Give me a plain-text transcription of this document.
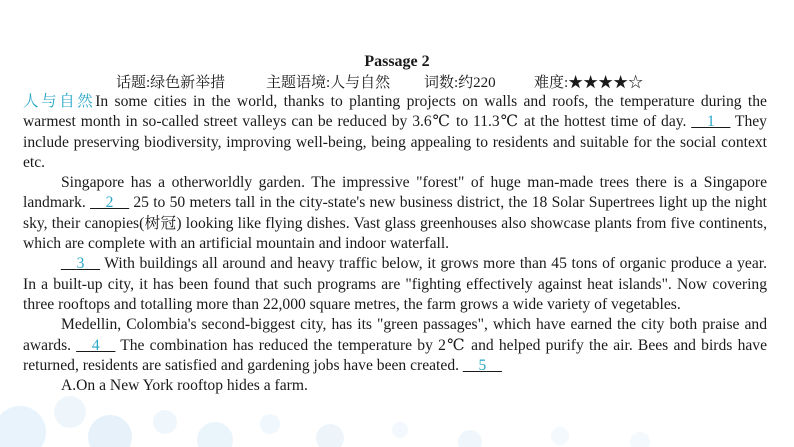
Passage 2
话题:绿色新举措	主题语境:人与自然 词数:约220	难度:★★★★☆

人与自然In some cities in the world, thanks to planting projects on walls and roofs, the temperature during the warmest month in so-called street valleys can be reduced by 3.6℃ to 11.3℃ at the hottest time of day. __1__ They include preserving biodiversity, improving well-being, being appealing to residents and suitable for the social context etc.

Singapore has a otherworldly garden. The impressive "forest" of huge man-made trees there is a Singapore landmark. __2__ 25 to 50 meters tall in the city-state's new business district, the 18 Solar Supertrees light up the night sky, their canopies(树冠) looking like flying dishes. Vast glass greenhouses also showcase plants from five continents, which are complete with an artificial mountain and indoor waterfall.

__3__ With buildings all around and heavy traffic below, it grows more than 45 tons of organic produce a year. In a built-up city, it has been found that such programs are "fighting effectively against heat islands". Now covering three rooftops and totalling more than 22,000 square metres, the farm grows a wide variety of vegetables.

Medellin, Colombia's second-biggest city, has its "green passages", which have earned the city both praise and awards. __4__ The combination has reduced the temperature by 2℃ and helped purify the air. Bees and birds have returned, residents are satisfied and gardening jobs have been created. __5__

A.On a New York rooftop hides a farm.
